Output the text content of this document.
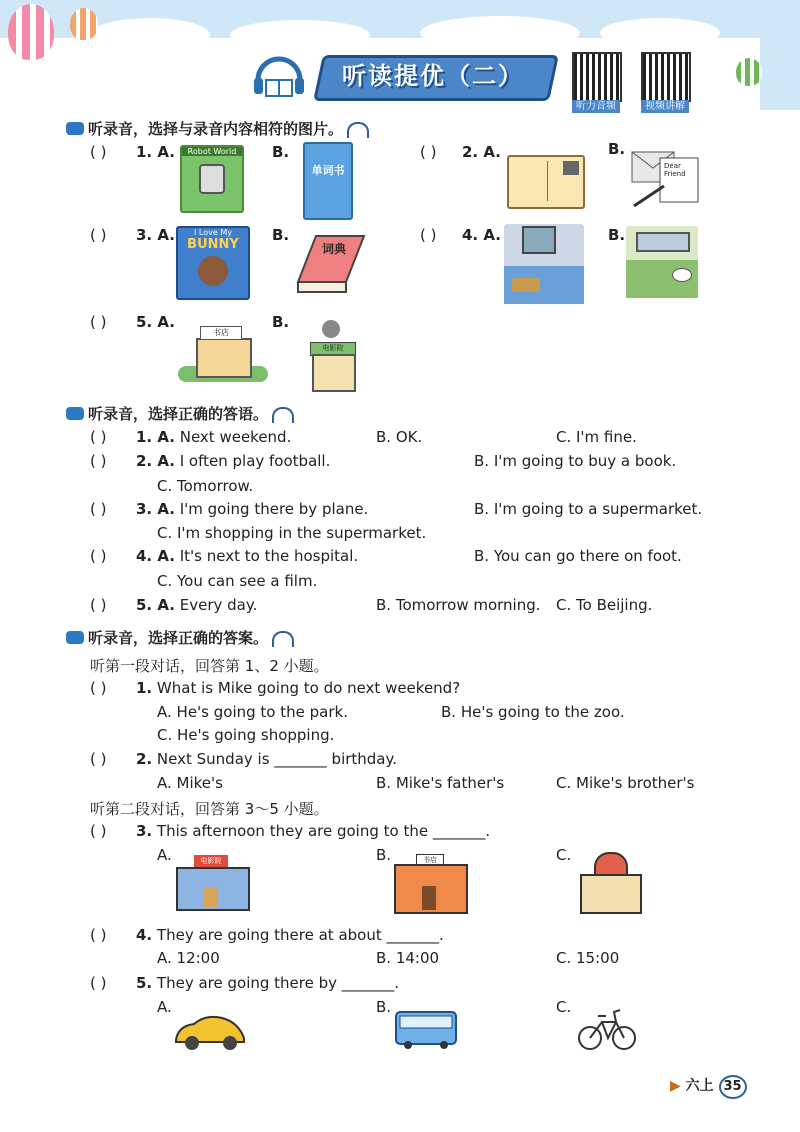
听读提优（二）
听力音频	视频讲解
听录音，选择与录音内容相符的图片。
( ) 1. A.	Robot World	B.
单词书
( ) 2. A.	B.
Dear Friend
( ) 3. A.	I Love My
BUNNY
B.
词典
( ) 4. A.	B.
( ) 5. A.
书店
B.
电影院
听录音，选择正确的答语。
( ) 1. A. Next weekend.	B. OK.	C. I'm fine.
( ) 2. A. I often play football.	B. I'm going to buy a book.
C. Tomorrow.
( ) 3. A. I'm going there by plane.	B. I'm going to a supermarket.
C. I'm shopping in the supermarket.
( ) 4. A. It's next to the hospital.	B. You can go there on foot.
C. You can see a film.
( ) 5. A. Every day.	B. Tomorrow morning. C. To Beijing.
听录音，选择正确的答案。
听第一段对话，回答第 1、2 小题。
( ) 1. What is Mike going to do next weekend?
A. He's going to the park.	B. He's going to the zoo.
C. He's going shopping.
( ) 2. Next Sunday is _______ birthday.
A. Mike's	B. Mike's father's	C. Mike's brother's
听第二段对话，回答第 3～5 小题。
( ) 3. This afternoon they are going to the _______.
A.	B.	C.
电影院	书店
( ) 4. They are going there at about _______.
A. 12:00	B. 14:00	C. 15:00
( ) 5. They are going there by _______.
A.	B.	C.
▶ 六上 35
